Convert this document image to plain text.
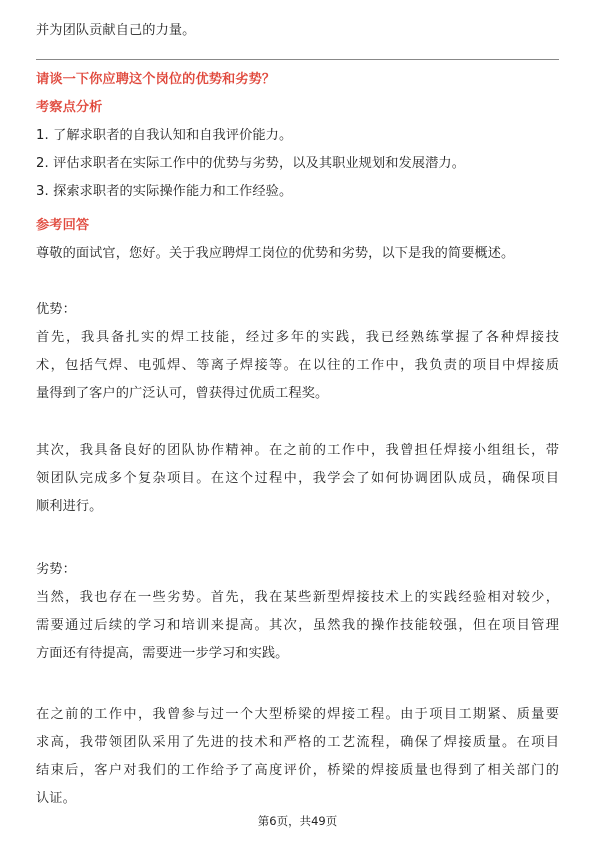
并为团队贡献自己的力量。
请谈一下你应聘这个岗位的优势和劣势？
考察点分析
1. 了解求职者的自我认知和自我评价能力。
2. 评估求职者在实际工作中的优势与劣势，以及其职业规划和发展潜力。
3. 探索求职者的实际操作能力和工作经验。
参考回答
尊敬的面试官，您好。关于我应聘焊工岗位的优势和劣势，以下是我的简要概述。
优势：
首先，我具备扎实的焊工技能，经过多年的实践，我已经熟练掌握了各种焊接技
术，包括气焊、电弧焊、等离子焊接等。在以往的工作中，我负责的项目中焊接质
量得到了客户的广泛认可，曾获得过优质工程奖。
其次，我具备良好的团队协作精神。在之前的工作中，我曾担任焊接小组组长，带
领团队完成多个复杂项目。在这个过程中，我学会了如何协调团队成员，确保项目
顺利进行。
劣势：
当然，我也存在一些劣势。首先，我在某些新型焊接技术上的实践经验相对较少，
需要通过后续的学习和培训来提高。其次，虽然我的操作技能较强，但在项目管理
方面还有待提高，需要进一步学习和实践。
在之前的工作中，我曾参与过一个大型桥梁的焊接工程。由于项目工期紧、质量要
求高，我带领团队采用了先进的技术和严格的工艺流程，确保了焊接质量。在项目
结束后，客户对我们的工作给予了高度评价，桥梁的焊接质量也得到了相关部门的
认证。
第6页，共49页
